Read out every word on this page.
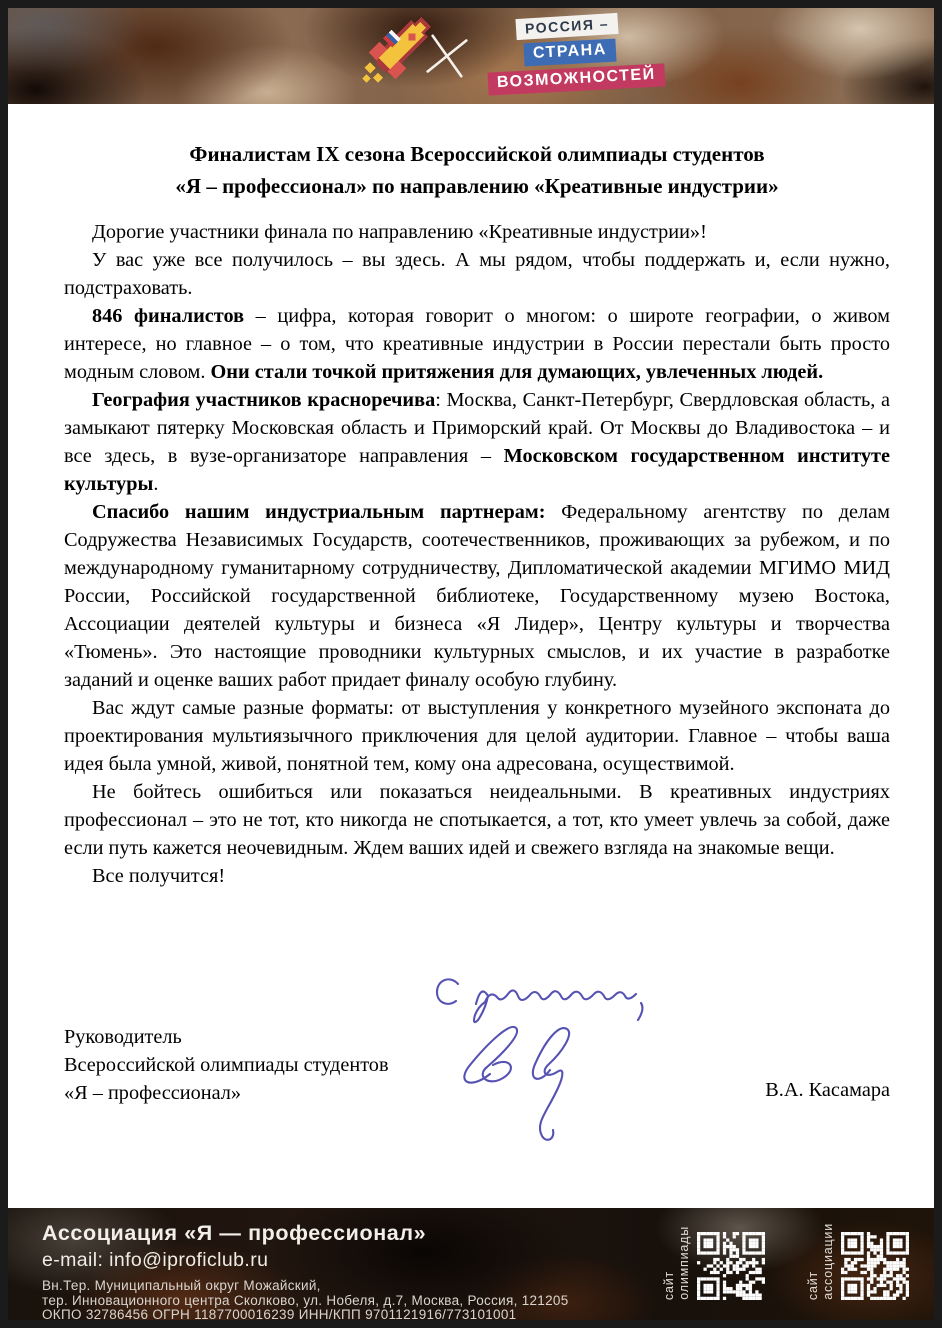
РОССИЯ –
СТРАНА
ВОЗМОЖНОСТЕЙ
Финалистам IX сезона Всероссийской олимпиады студентов
«Я – профессионал» по направлению «Креативные индустрии»

Дорогие участники финала по направлению «Креативные индустрии»!

У вас уже все получилось – вы здесь. А мы рядом, чтобы поддержать и, если нужно, подстраховать.

846 финалистов – цифра, которая говорит о многом: о широте географии, о живом интересе, но главное – о том, что креативные индустрии в России перестали быть просто модным словом. Они стали точкой притяжения для думающих, увлеченных людей.

География участников красноречива: Москва, Санкт-Петербург, Свердловская область, а замыкают пятерку Московская область и Приморский край. От Москвы до Владивостока – и все здесь, в вузе-организаторе направления – Московском государственном институте культуры.

Спасибо нашим индустриальным партнерам: Федеральному агентству по делам Содружества Независимых Государств, соотечественников, проживающих за рубежом, и по международному гуманитарному сотрудничеству, Дипломатической академии МГИМО МИД России, Российской государственной библиотеке, Государственному музею Востока, Ассоциации деятелей культуры и бизнеса «Я Лидер», Центру культуры и творчества «Тюмень». Это настоящие проводники культурных смыслов, и их участие в разработке заданий и оценке ваших работ придает финалу особую глубину.

Вас ждут самые разные форматы: от выступления у конкретного музейного экспоната до проектирования мультиязычного приключения для целой аудитории. Главное – чтобы ваша идея была умной, живой, понятной тем, кому она адресована, осуществимой.

Не бойтесь ошибиться или показаться неидеальными. В креативных индустриях профессионал – это не тот, кто никогда не спотыкается, а тот, кто умеет увлечь за собой, даже если путь кажется неочевидным. Ждем ваших идей и свежего взгляда на знакомые вещи.

Все получится!

Руководитель
Всероссийской олимпиады студентов
«Я – профессионал»	В.А. Касамара
Ассоциация «Я — профессионал»
e-mail: info@iproficlub.ru
Вн.Тер. Муниципальный округ Можайский,
тер. Инновационного центра Сколково, ул. Нобеля, д.7, Москва, Россия, 121205
ОКПО 32786456 ОГРН 1187700016239 ИНН/КПП 9701121916/773101001
сайт олимпиады	сайт ассоциации
